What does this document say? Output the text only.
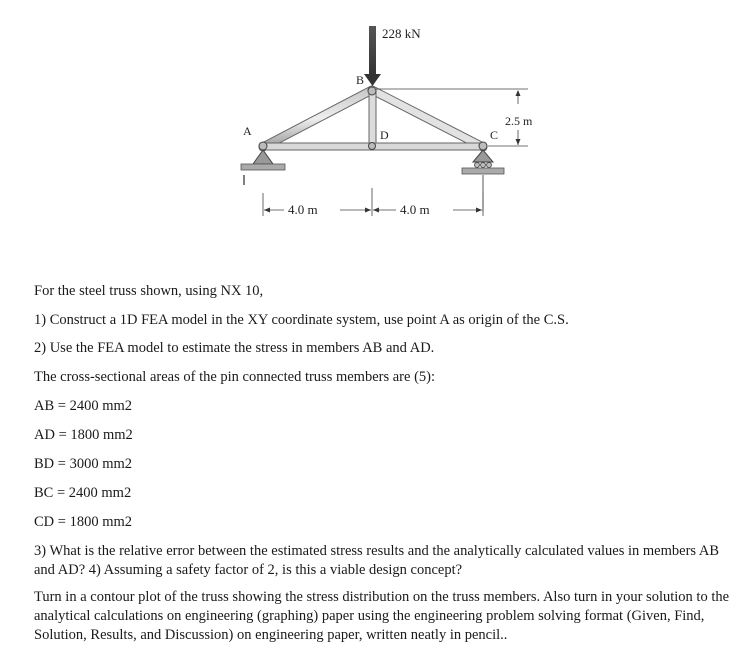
228 kN
2.5 m
4.0 m	4.0 m
A
B
C
D

For the steel truss shown, using NX 10,

1) Construct a 1D FEA model in the XY coordinate system, use point A as origin of the C.S.

2) Use the FEA model to estimate the stress in members AB and AD.

The cross-sectional areas of the pin connected truss members are (5):

AB = 2400 mm2

AD = 1800 mm2

BD = 3000 mm2

BC = 2400 mm2

CD = 1800 mm2

3) What is the relative error between the estimated stress results and the analytically calculated values in members AB and AD? 4) Assuming a safety factor of 2, is this a viable design concept?

Turn in a contour plot of the truss showing the stress distribution on the truss members. Also turn in your solution to the analytical calculations on engineering (graphing) paper using the engineering problem solving format (Given, Find, Solution, Results, and Discussion) on engineering paper, written neatly in pencil..
